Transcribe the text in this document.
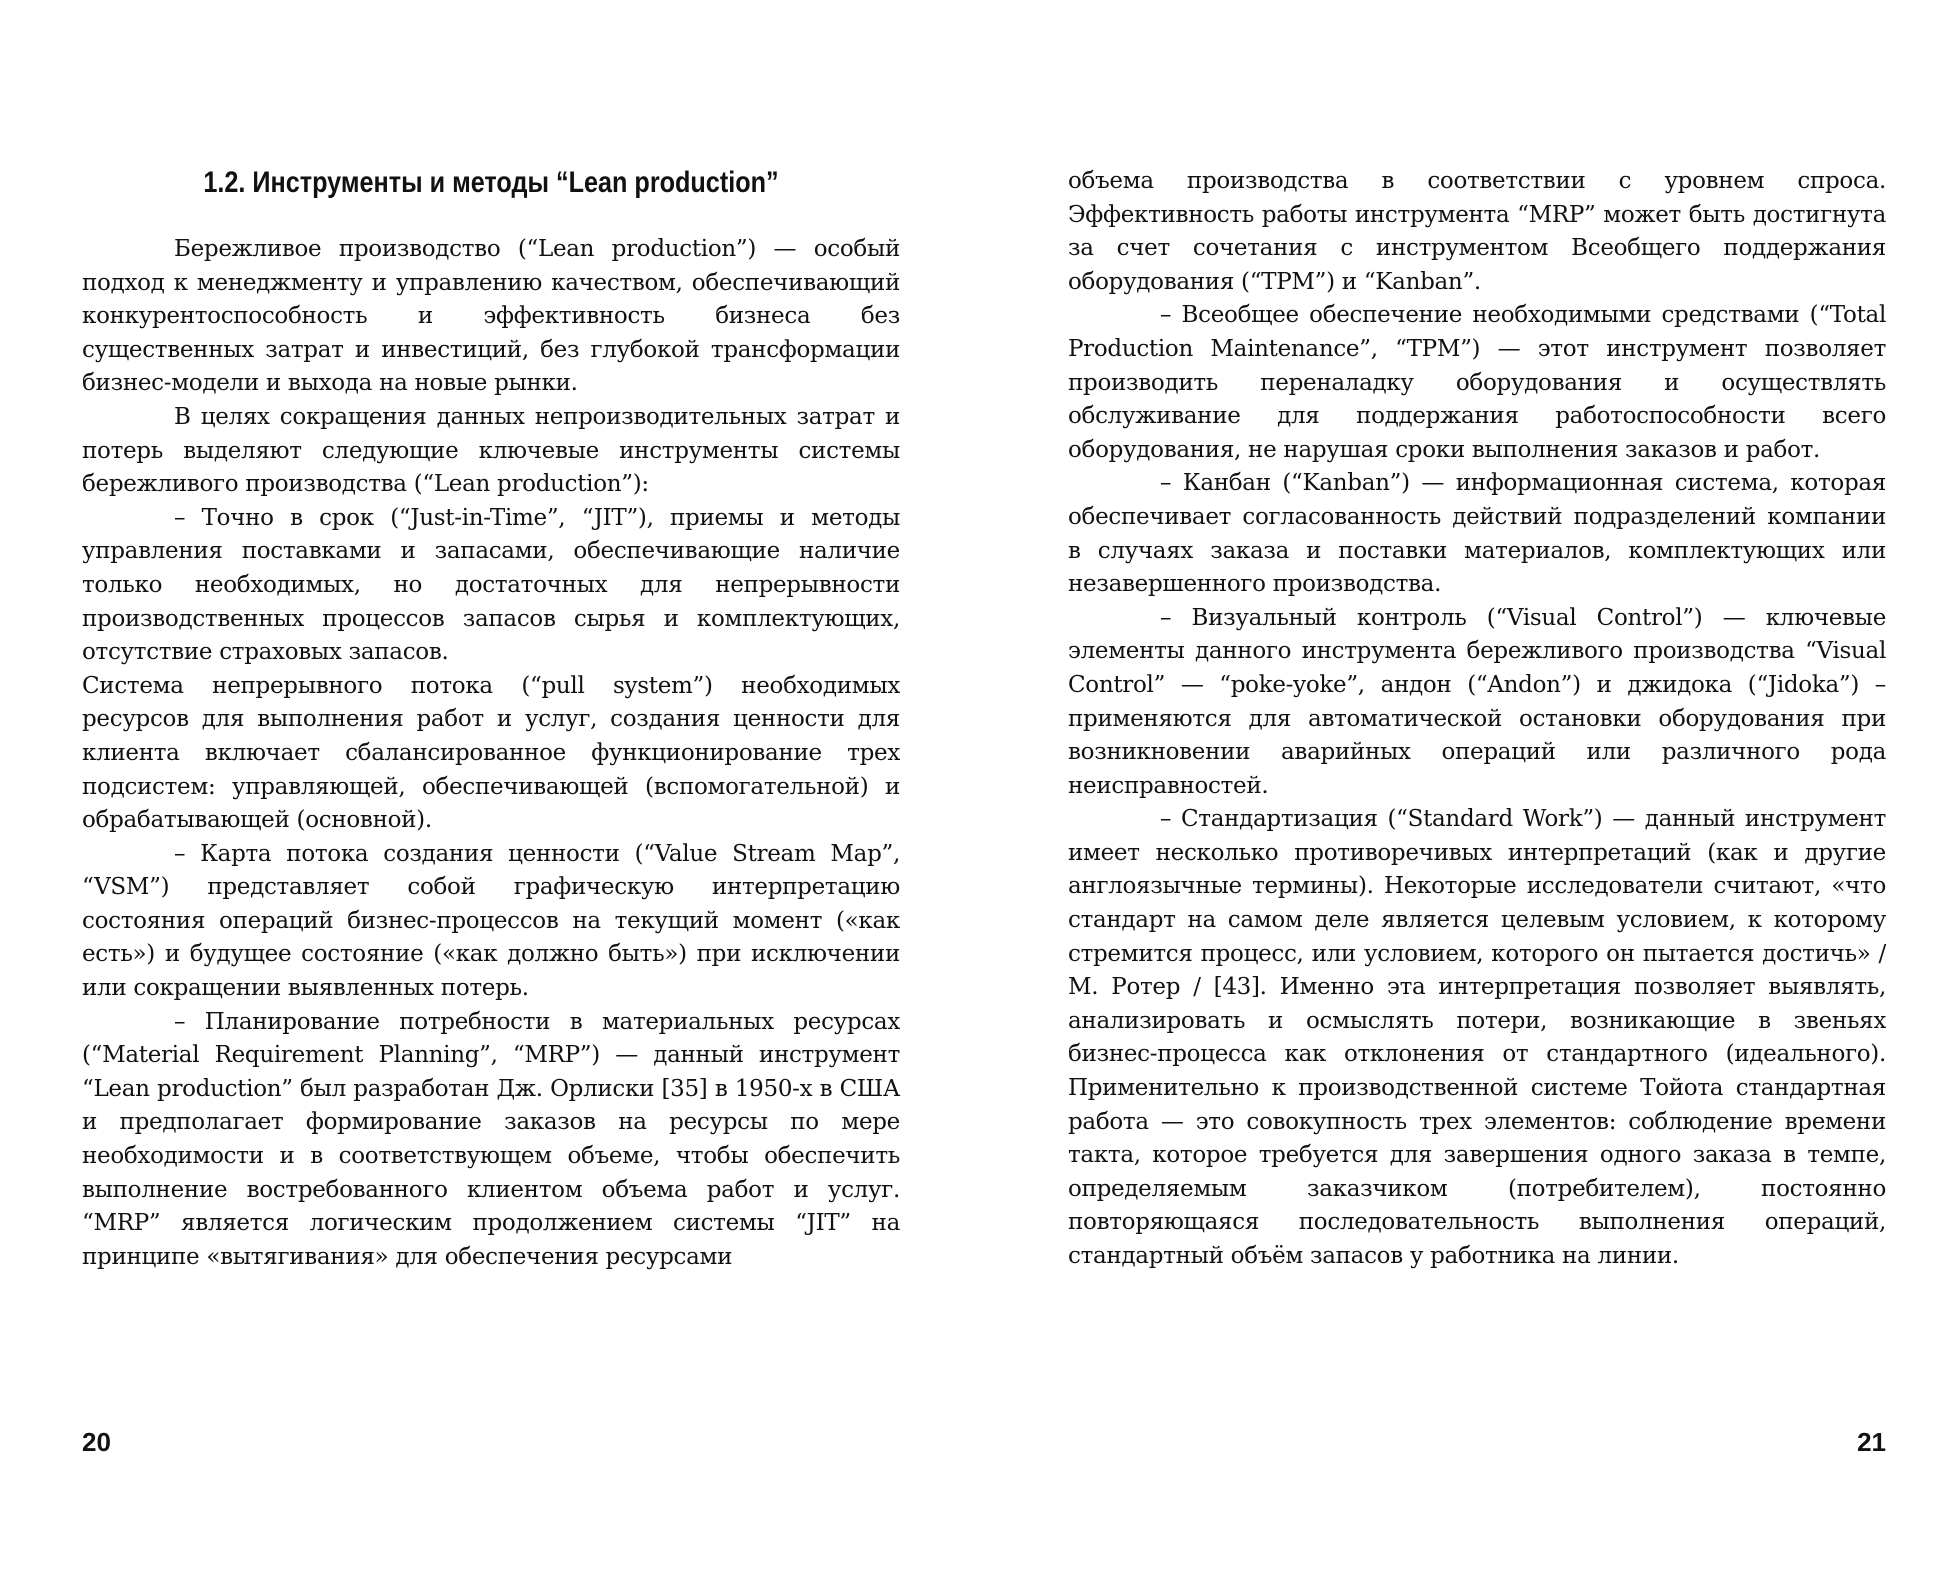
1.2. Инструменты и методы “Lean production”

Бережливое производство (“Lean production”) — особый подход к менеджменту и управлению качеством, обеспечивающий конкурентоспособность и эффективность бизнеса без существенных затрат и инвестиций, без глубокой трансформации бизнес-модели и выхода на новые рынки.

В целях сокращения данных непроизводительных затрат и потерь выделяют следующие ключевые инструменты системы бережливого производства (“Lean production”):

– Точно в срок (“Just-in-Time”, “JIT”), приемы и методы управления поставками и запасами, обеспечивающие наличие только необходимых, но достаточных для непрерывности производственных процессов запасов сырья и комплектующих, отсутствие страховых запасов.

Система непрерывного потока (“pull system”) необходимых ресурсов для выполнения работ и услуг, создания ценности для клиента включает сбалансированное функционирование трех подсистем: управляющей, обеспечивающей (вспомогательной) и обрабатывающей (основной).

– Карта потока создания ценности (“Value Stream Map”, “VSM”) представляет собой графическую интерпретацию состояния операций бизнес-процессов на текущий момент («как есть») и будущее состояние («как должно быть») при исключении или сокращении выявленных потерь.

– Планирование потребности в материальных ресурсах (“Material Requirement Planning”, “MRP”) — данный инструмент “Lean production” был разработан Дж. Орлиски [35] в 1950-х в США и предполагает формирование заказов на ресурсы по мере необходимости и в соответствующем объеме, чтобы обеспечить выполнение востребованного клиентом объема работ и услуг. “MRP” является логическим продолжением системы “JIT” на принципе «вытягивания» для обеспечения ресурсами

20

объема производства в соответствии с уровнем спроса. Эффективность работы инструмента “MRP” может быть достигнута за счет сочетания с инструментом Всеобщего поддержания оборудования (“TPM”) и “Kanban”.

– Всеобщее обеспечение необходимыми средствами (“Total Production Maintenance”, “TPM”) — этот инструмент позволяет производить переналадку оборудования и осуществлять обслуживание для поддержания работоспособности всего оборудования, не нарушая сроки выполнения заказов и работ.

– Канбан (“Kanban”) — информационная система, которая обеспечивает согласованность действий подразделений компании в случаях заказа и поставки материалов, комплектующих или незавершенного производства.

– Визуальный контроль (“Visual Control”) — ключевые элементы данного инструмента бережливого производства “Visual Control” — “poke-yoke”, андон (“Andon”) и джидока (“Jidoka”) – применяются для автоматической остановки оборудования при возникновении аварийных операций или различного рода неисправностей.

– Стандартизация (“Standard Work”) — данный инструмент имеет несколько противоречивых интерпретаций (как и другие англоязычные термины). Некоторые исследователи считают, «что стандарт на самом деле является целевым условием, к которому стремится процесс, или условием, которого он пытается достичь» /М. Ротер / [43]. Именно эта интерпретация позволяет выявлять, анализировать и осмыслять потери, возникающие в звеньях бизнес-процесса как отклонения от стандартного (идеального). Применительно к производственной системе Тойота стандартная работа — это совокупность трех элементов: соблюдение времени такта, которое требуется для завершения одного заказа в темпе, определяемым заказчиком (потребителем), постоянно повторяющаяся последовательность выполнения операций, стандартный объём запасов у работника на линии.

21
